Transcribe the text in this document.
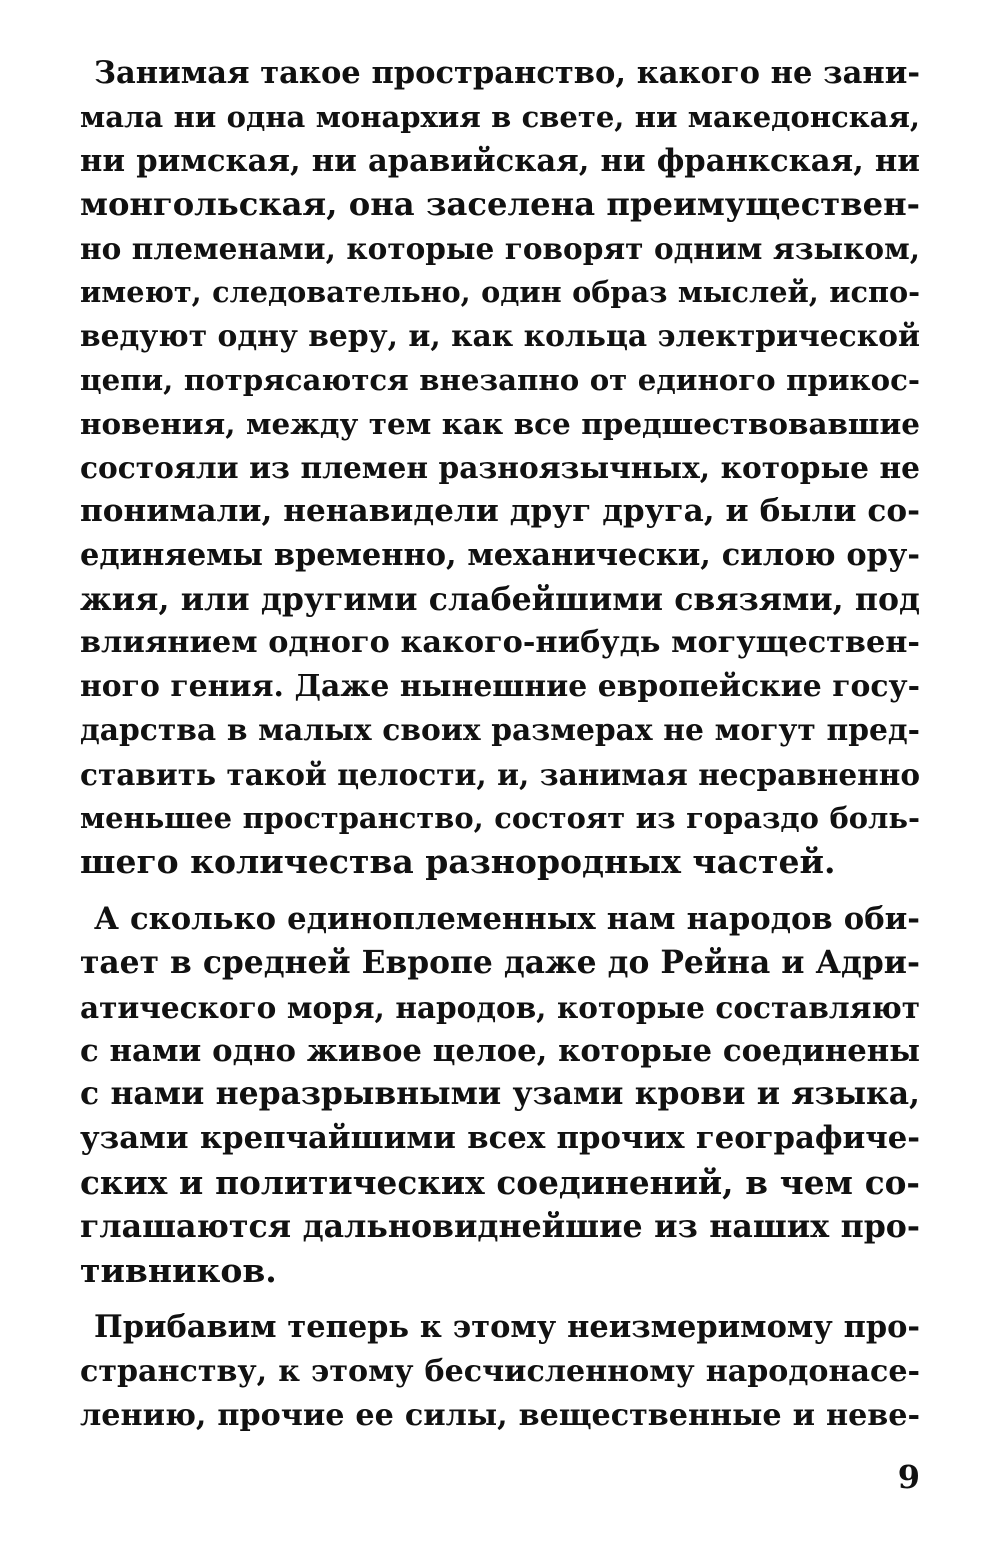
Занимая такое пространство, какого не зани-
мала ни одна монархия в свете, ни македонская,
ни римская, ни аравийская, ни франкская, ни
монгольская, она заселена преимуществен-
но племенами, которые говорят одним языком,
имеют, следовательно, один образ мыслей, испо-
ведуют одну веру, и, как кольца электрической
цепи, потрясаются внезапно от единого прикос-
новения, между тем как все предшествовавшие
состояли из племен разноязычных, которые не
понимали, ненавидели друг друга, и были со-
единяемы временно, механически, силою ору-
жия, или другими слабейшими связями, под
влиянием одного какого-нибудь могуществен-
ного гения. Даже нынешние европейские госу-
дарства в малых своих размерах не могут пред-
ставить такой целости, и, занимая несравненно
меньшее пространство, состоят из гораздо боль-
шего количества разнородных частей.

А сколько единоплеменных нам народов оби-
тает в средней Европе даже до Рейна и Адри-
атического моря, народов, которые составляют
с нами одно живое целое, которые соединены
с нами неразрывными узами крови и языка,
узами крепчайшими всех прочих географиче-
ских и политических соединений, в чем со-
глашаются дальновиднейшие из наших про-
тивников.

Прибавим теперь к этому неизмеримому про-
странству, к этому бесчисленному народонасе-
лению, прочие ее силы, вещественные и неве-

9
